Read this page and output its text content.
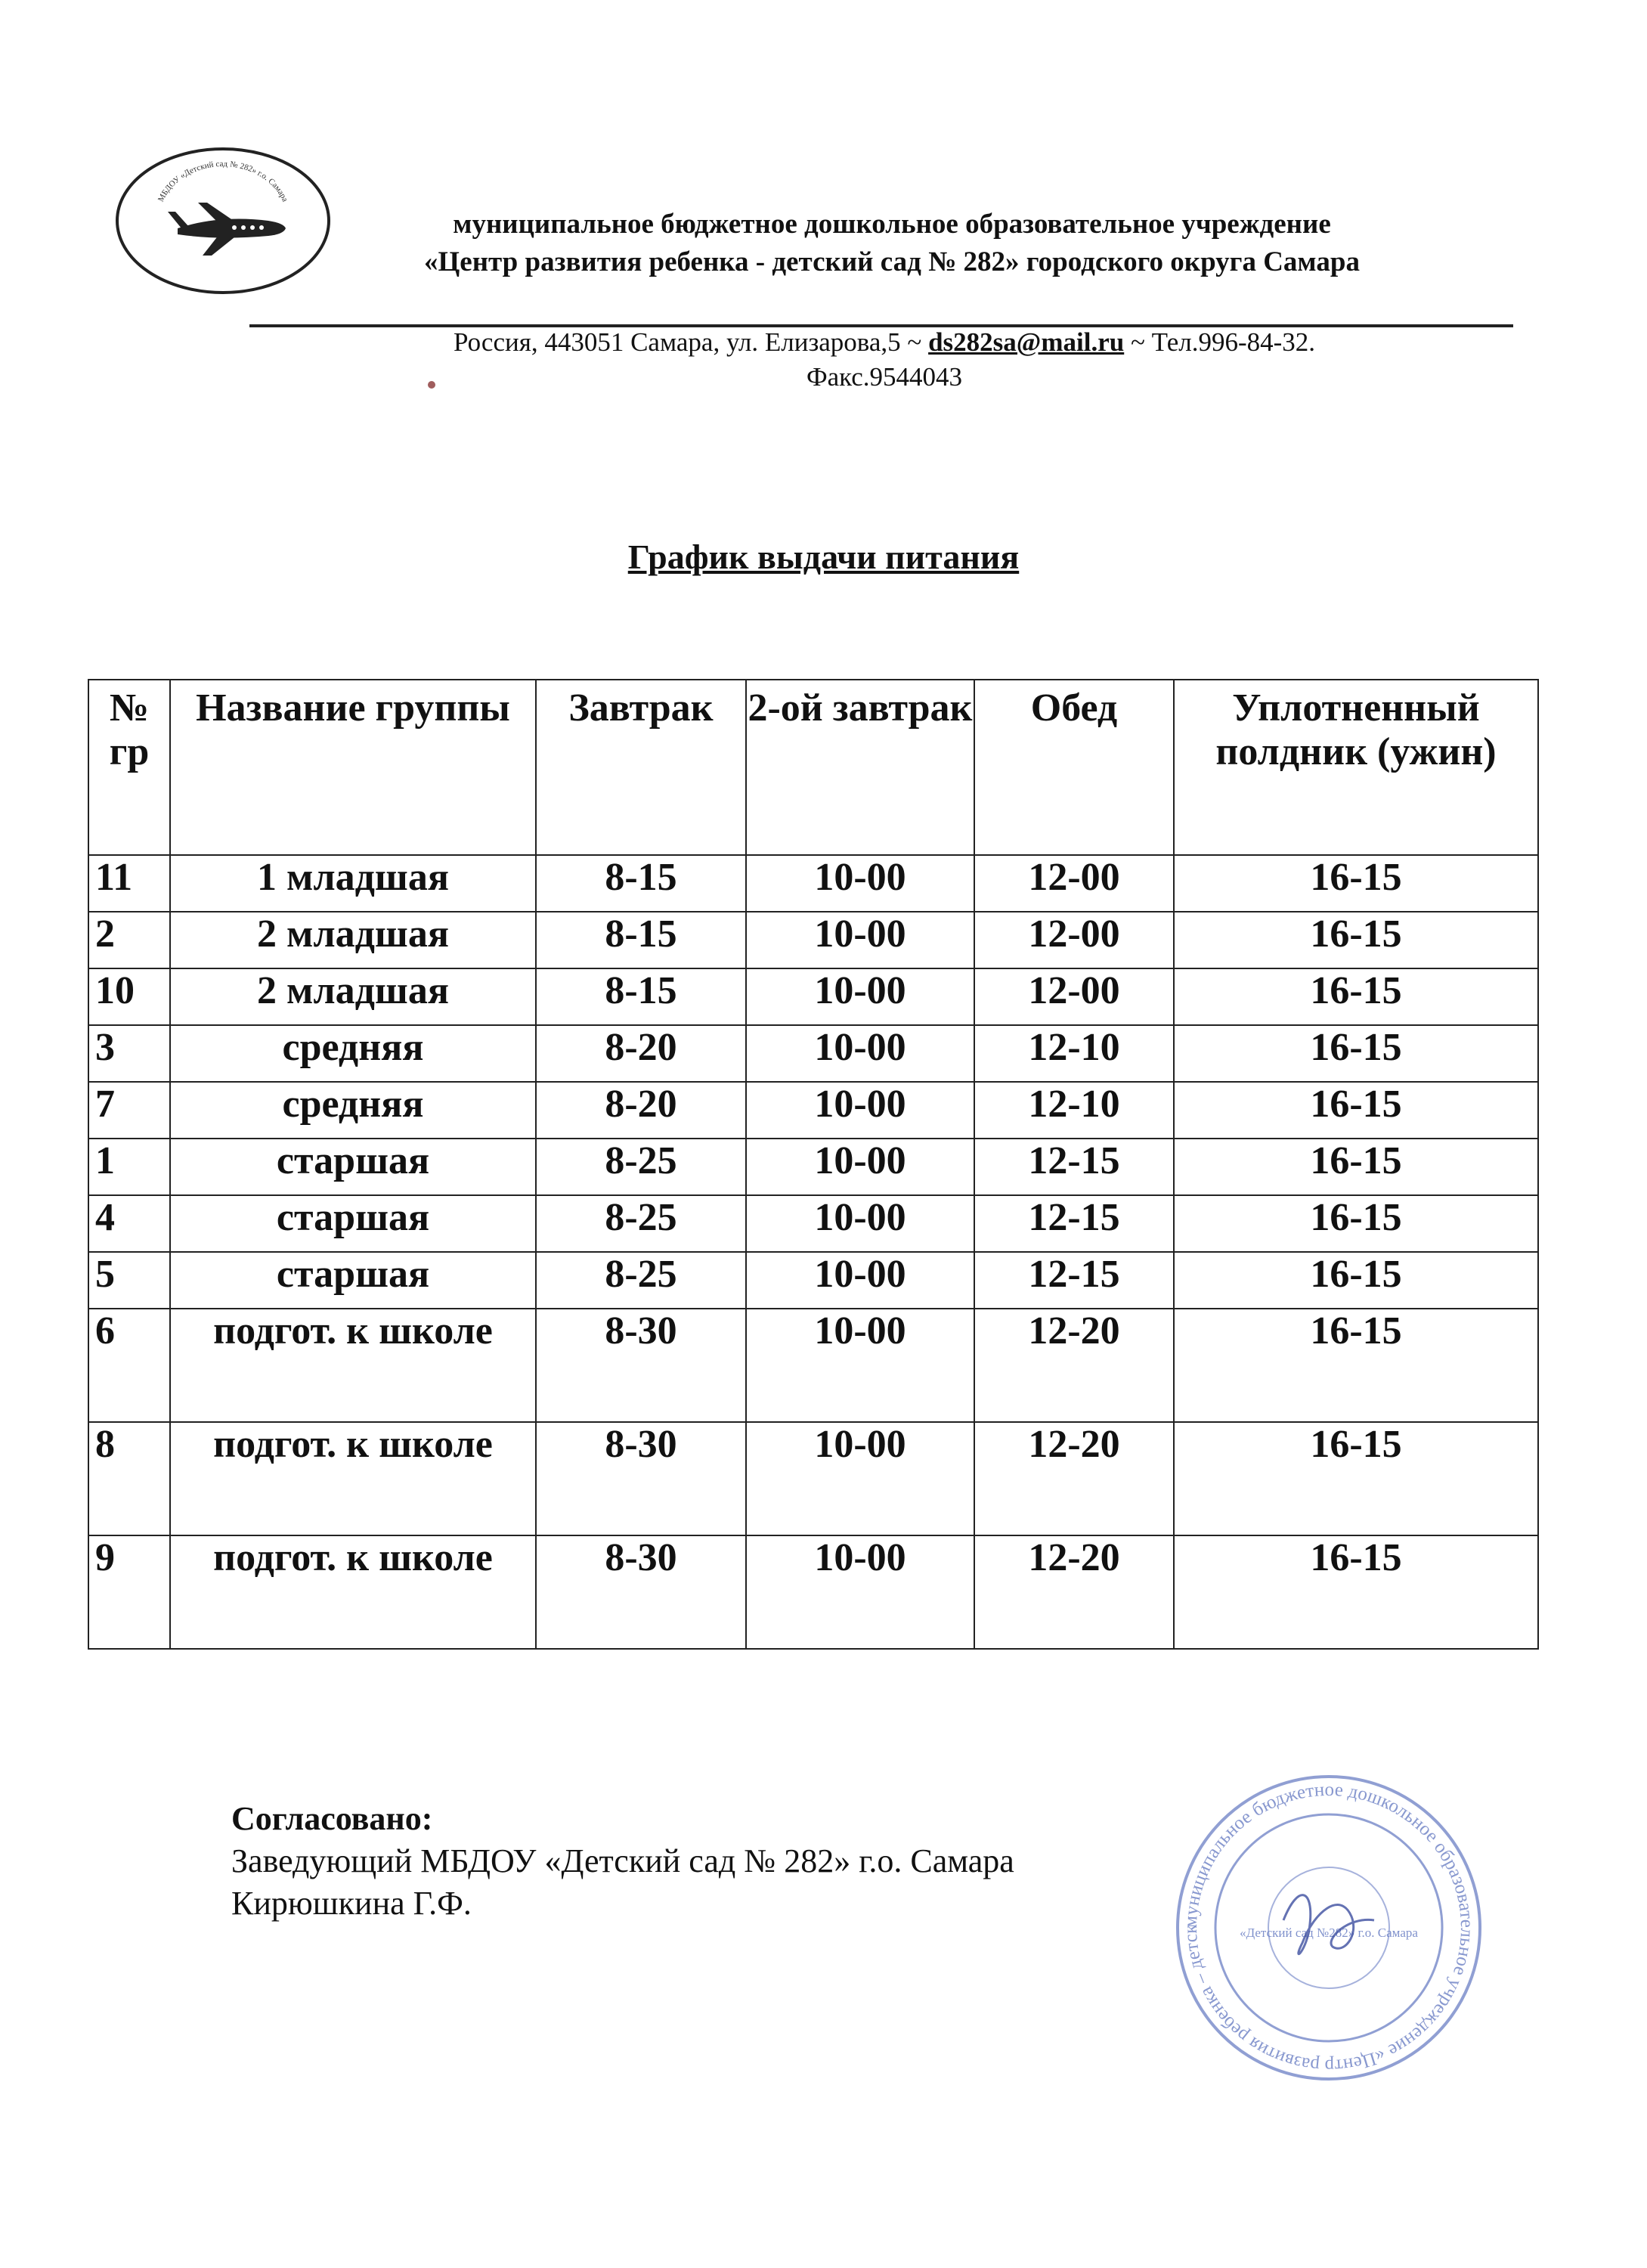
МБДОУ «Детский сад № 282» г.о. Самара
муниципальное бюджетное дошкольное образовательное учреждение
«Центр развития ребенка - детский сад № 282» городского округа Самара
Россия, 443051 Самара, ул. Елизарова,5 ~ ds282sa@mail.ru ~ Тел.996-84-32.
Факс.9544043
График выдачи питания
№ гр	Название группы	Завтрак	2-ой завтрак	Обед	Уплотненный полдник (ужин)
11	1 младшая	8-15	10-00	12-00	16-15
2	2 младшая	8-15	10-00	12-00	16-15
10	2 младшая	8-15	10-00	12-00	16-15
3	средняя	8-20	10-00	12-10	16-15
7	средняя	8-20	10-00	12-10	16-15
1	старшая	8-25	10-00	12-15	16-15
4	старшая	8-25	10-00	12-15	16-15
5	старшая	8-25	10-00	12-15	16-15
6	подгот. к школе	8-30	10-00	12-20	16-15
8	подгот. к школе	8-30	10-00	12-20	16-15
9	подгот. к школе	8-30	10-00	12-20	16-15
Согласовано:
Заведующий МБДОУ «Детский сад № 282» г.о. Самара
Кирюшкина Г.Ф.	муниципальное бюджетное дошкольное образовательное учреждение «Центр развития ребенка – детск	«Детский сад №282» г.о. Самара
